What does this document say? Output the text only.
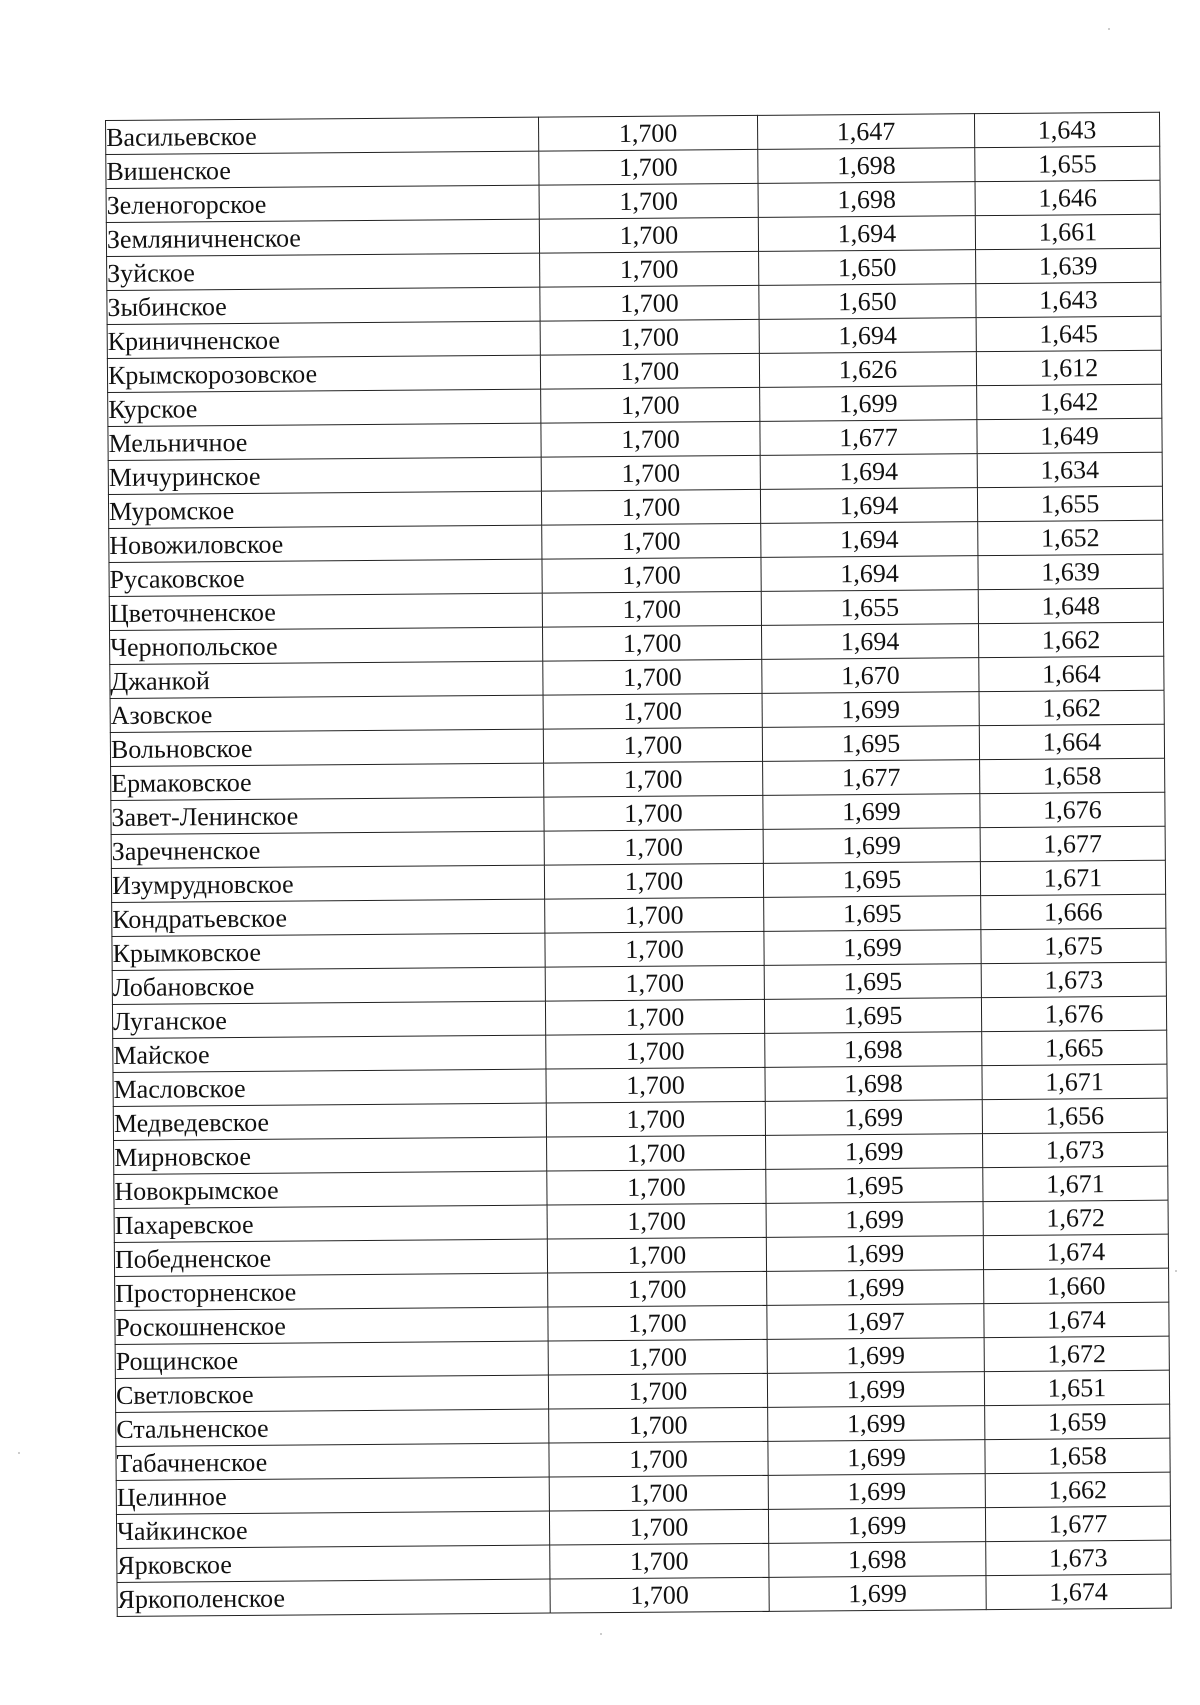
Васильевское	1,700	1,647	1,643
Вишенское	1,700	1,698	1,655
Зеленогорское	1,700	1,698	1,646
Земляничненское	1,700	1,694	1,661
Зуйское	1,700	1,650	1,639
Зыбинское	1,700	1,650	1,643
Криничненское	1,700	1,694	1,645
Крымскорозовское	1,700	1,626	1,612
Курское	1,700	1,699	1,642
Мельничное	1,700	1,677	1,649
Мичуринское	1,700	1,694	1,634
Муромское	1,700	1,694	1,655
Новожиловское	1,700	1,694	1,652
Русаковское	1,700	1,694	1,639
Цветочненское	1,700	1,655	1,648
Чернопольское	1,700	1,694	1,662
Джанкой	1,700	1,670	1,664
Азовское	1,700	1,699	1,662
Вольновское	1,700	1,695	1,664
Ермаковское	1,700	1,677	1,658
Завет-Ленинское	1,700	1,699	1,676
Заречненское	1,700	1,699	1,677
Изумрудновское	1,700	1,695	1,671
Кондратьевское	1,700	1,695	1,666
Крымковское	1,700	1,699	1,675
Лобановское	1,700	1,695	1,673
Луганское	1,700	1,695	1,676
Майское	1,700	1,698	1,665
Масловское	1,700	1,698	1,671
Медведевское	1,700	1,699	1,656
Мирновское	1,700	1,699	1,673
Новокрымское	1,700	1,695	1,671
Пахаревское	1,700	1,699	1,672
Победненское	1,700	1,699	1,674
Просторненское	1,700	1,699	1,660
Роскошненское	1,700	1,697	1,674
Рощинское	1,700	1,699	1,672
Светловское	1,700	1,699	1,651
Стальненское	1,700	1,699	1,659
Табачненское	1,700	1,699	1,658
Целинное	1,700	1,699	1,662
Чайкинское	1,700	1,699	1,677
Ярковское	1,700	1,698	1,673
Яркополенское	1,700	1,699	1,674
